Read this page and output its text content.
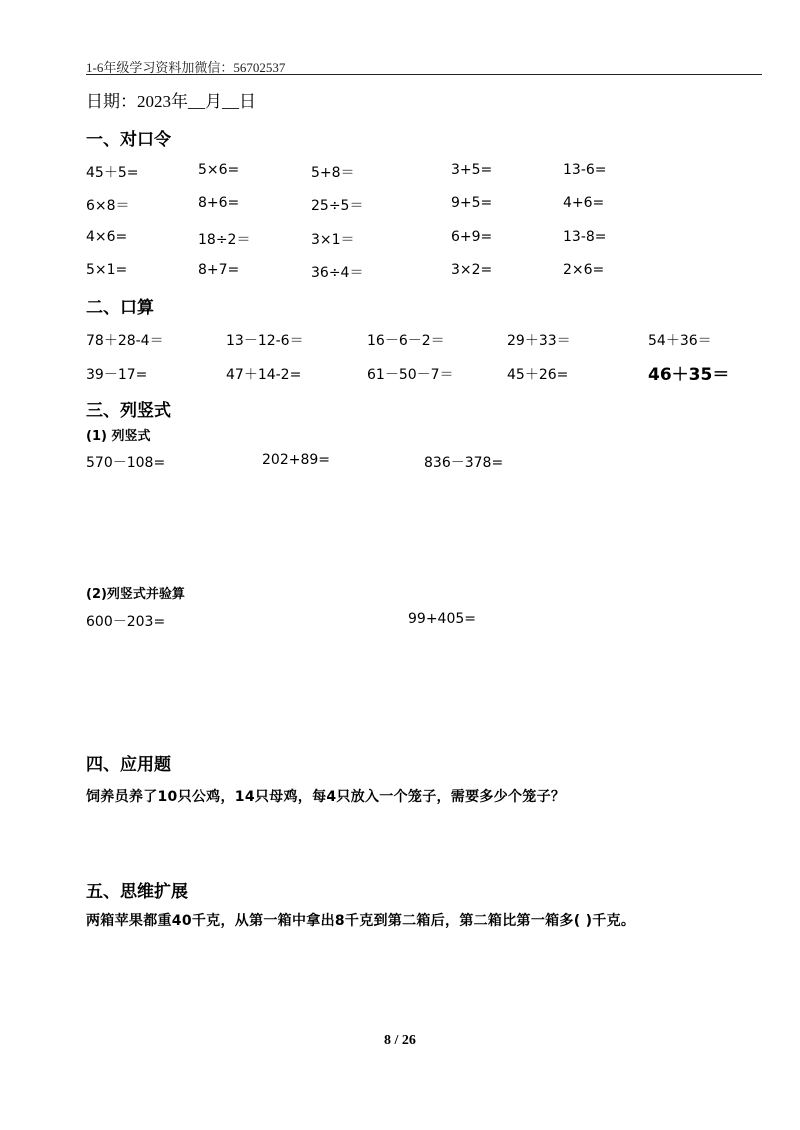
1-6年级学习资料加微信：56702537
日期：2023年__月__日
一、对口令
45＋5=	5×6=	5+8＝	3+5=	13-6=
6×8＝	8+6=	25÷5＝	9+5=	4+6=
4×6=	18÷2＝	3×1＝	6+9=	13-8=
5×1=	8+7=	36÷4＝	3×2=	2×6=
二、口算
78＋28-4＝	13－12-6＝	16－6－2＝	29＋33＝	54＋36＝
39－17=	47＋14-2=	61－50－7＝	45＋26=	46＋35＝
三、列竖式
(1) 列竖式
570－108=	202+89=	836－378=
(2)列竖式并验算
600－203=	99+405=
四、应用题
饲养员养了10只公鸡，14只母鸡，每4只放入一个笼子，需要多少个笼子？
五、思维扩展
两箱苹果都重40千克，从第一箱中拿出8千克到第二箱后，第二箱比第一箱多( )千克。
8 / 26
